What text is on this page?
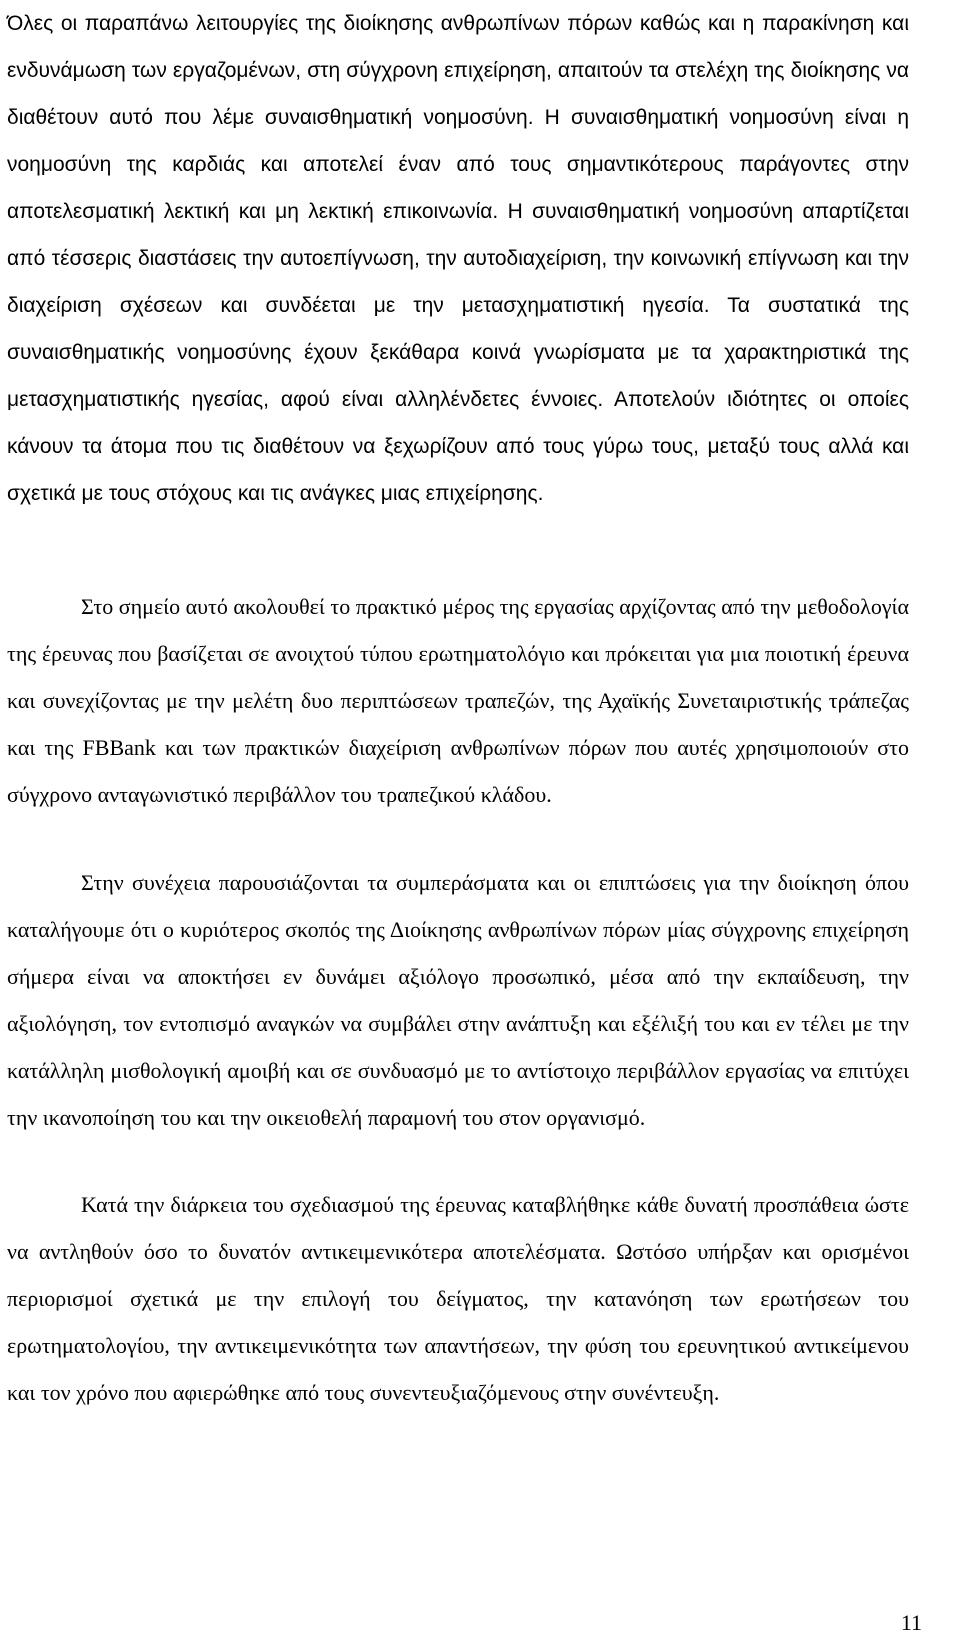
Όλες οι παραπάνω λειτουργίες της διοίκησης ανθρωπίνων πόρων καθώς και η παρακίνηση και ενδυνάμωση των εργαζομένων, στη σύγχρονη επιχείρηση, απαιτούν τα στελέχη της διοίκησης να διαθέτουν αυτό που λέμε συναισθηματική νοημοσύνη. Η συναισθηματική νοημοσύνη είναι η νοημοσύνη της καρδιάς και αποτελεί έναν από τους σημαντικότερους παράγοντες στην αποτελεσματική λεκτική και μη λεκτική επικοινωνία. Η συναισθηματική νοημοσύνη απαρτίζεται από τέσσερις διαστάσεις την αυτοεπίγνωση, την αυτοδιαχείριση, την κοινωνική επίγνωση και την διαχείριση σχέσεων και συνδέεται με την μετασχηματιστική ηγεσία. Τα συστατικά της συναισθηματικής νοημοσύνης έχουν ξεκάθαρα κοινά γνωρίσματα με τα χαρακτηριστικά της μετασχηματιστικής ηγεσίας, αφού είναι αλληλένδετες έννοιες. Αποτελούν ιδιότητες οι οποίες κάνουν τα άτομα που τις διαθέτουν να ξεχωρίζουν από τους γύρω τους, μεταξύ τους αλλά και σχετικά με τους στόχους και τις ανάγκες μιας επιχείρησης.

Στο σημείο αυτό ακολουθεί το πρακτικό μέρος της εργασίας αρχίζοντας από την μεθοδολογία της έρευνας που βασίζεται σε ανοιχτού τύπου ερωτηματολόγιο και πρόκειται για μια ποιοτική έρευνα και συνεχίζοντας με την μελέτη δυο περιπτώσεων τραπεζών, της Αχαϊκής Συνεταιριστικής τράπεζας και της FBBank και των πρακτικών διαχείριση ανθρωπίνων πόρων που αυτές χρησιμοποιούν στο σύγχρονο ανταγωνιστικό περιβάλλον του τραπεζικού κλάδου.

Στην συνέχεια παρουσιάζονται τα συμπεράσματα και οι επιπτώσεις για την διοίκηση όπου καταλήγουμε ότι ο κυριότερος σκοπός της Διοίκησης ανθρωπίνων πόρων μίας σύγχρονης επιχείρηση σήμερα είναι να αποκτήσει εν δυνάμει αξιόλογο προσωπικό, μέσα από την εκπαίδευση, την αξιολόγηση, τον εντοπισμό αναγκών να συμβάλει στην ανάπτυξη και εξέλιξή του και εν τέλει με την κατάλληλη μισθολογική αμοιβή και σε συνδυασμό με το αντίστοιχο περιβάλλον εργασίας να επιτύχει την ικανοποίηση του και την οικειοθελή παραμονή του στον οργανισμό.

Κατά την διάρκεια του σχεδιασμού της έρευνας καταβλήθηκε κάθε δυνατή προσπάθεια ώστε να αντληθούν όσο το δυνατόν αντικειμενικότερα αποτελέσματα. Ωστόσο υπήρξαν και ορισμένοι περιορισμοί σχετικά με την επιλογή του δείγματος, την κατανόηση των ερωτήσεων του ερωτηματολογίου, την αντικειμενικότητα των απαντήσεων, την φύση του ερευνητικού αντικείμενου και τον χρόνο που αφιερώθηκε από τους συνεντευξιαζόμενους στην συνέντευξη.

11
